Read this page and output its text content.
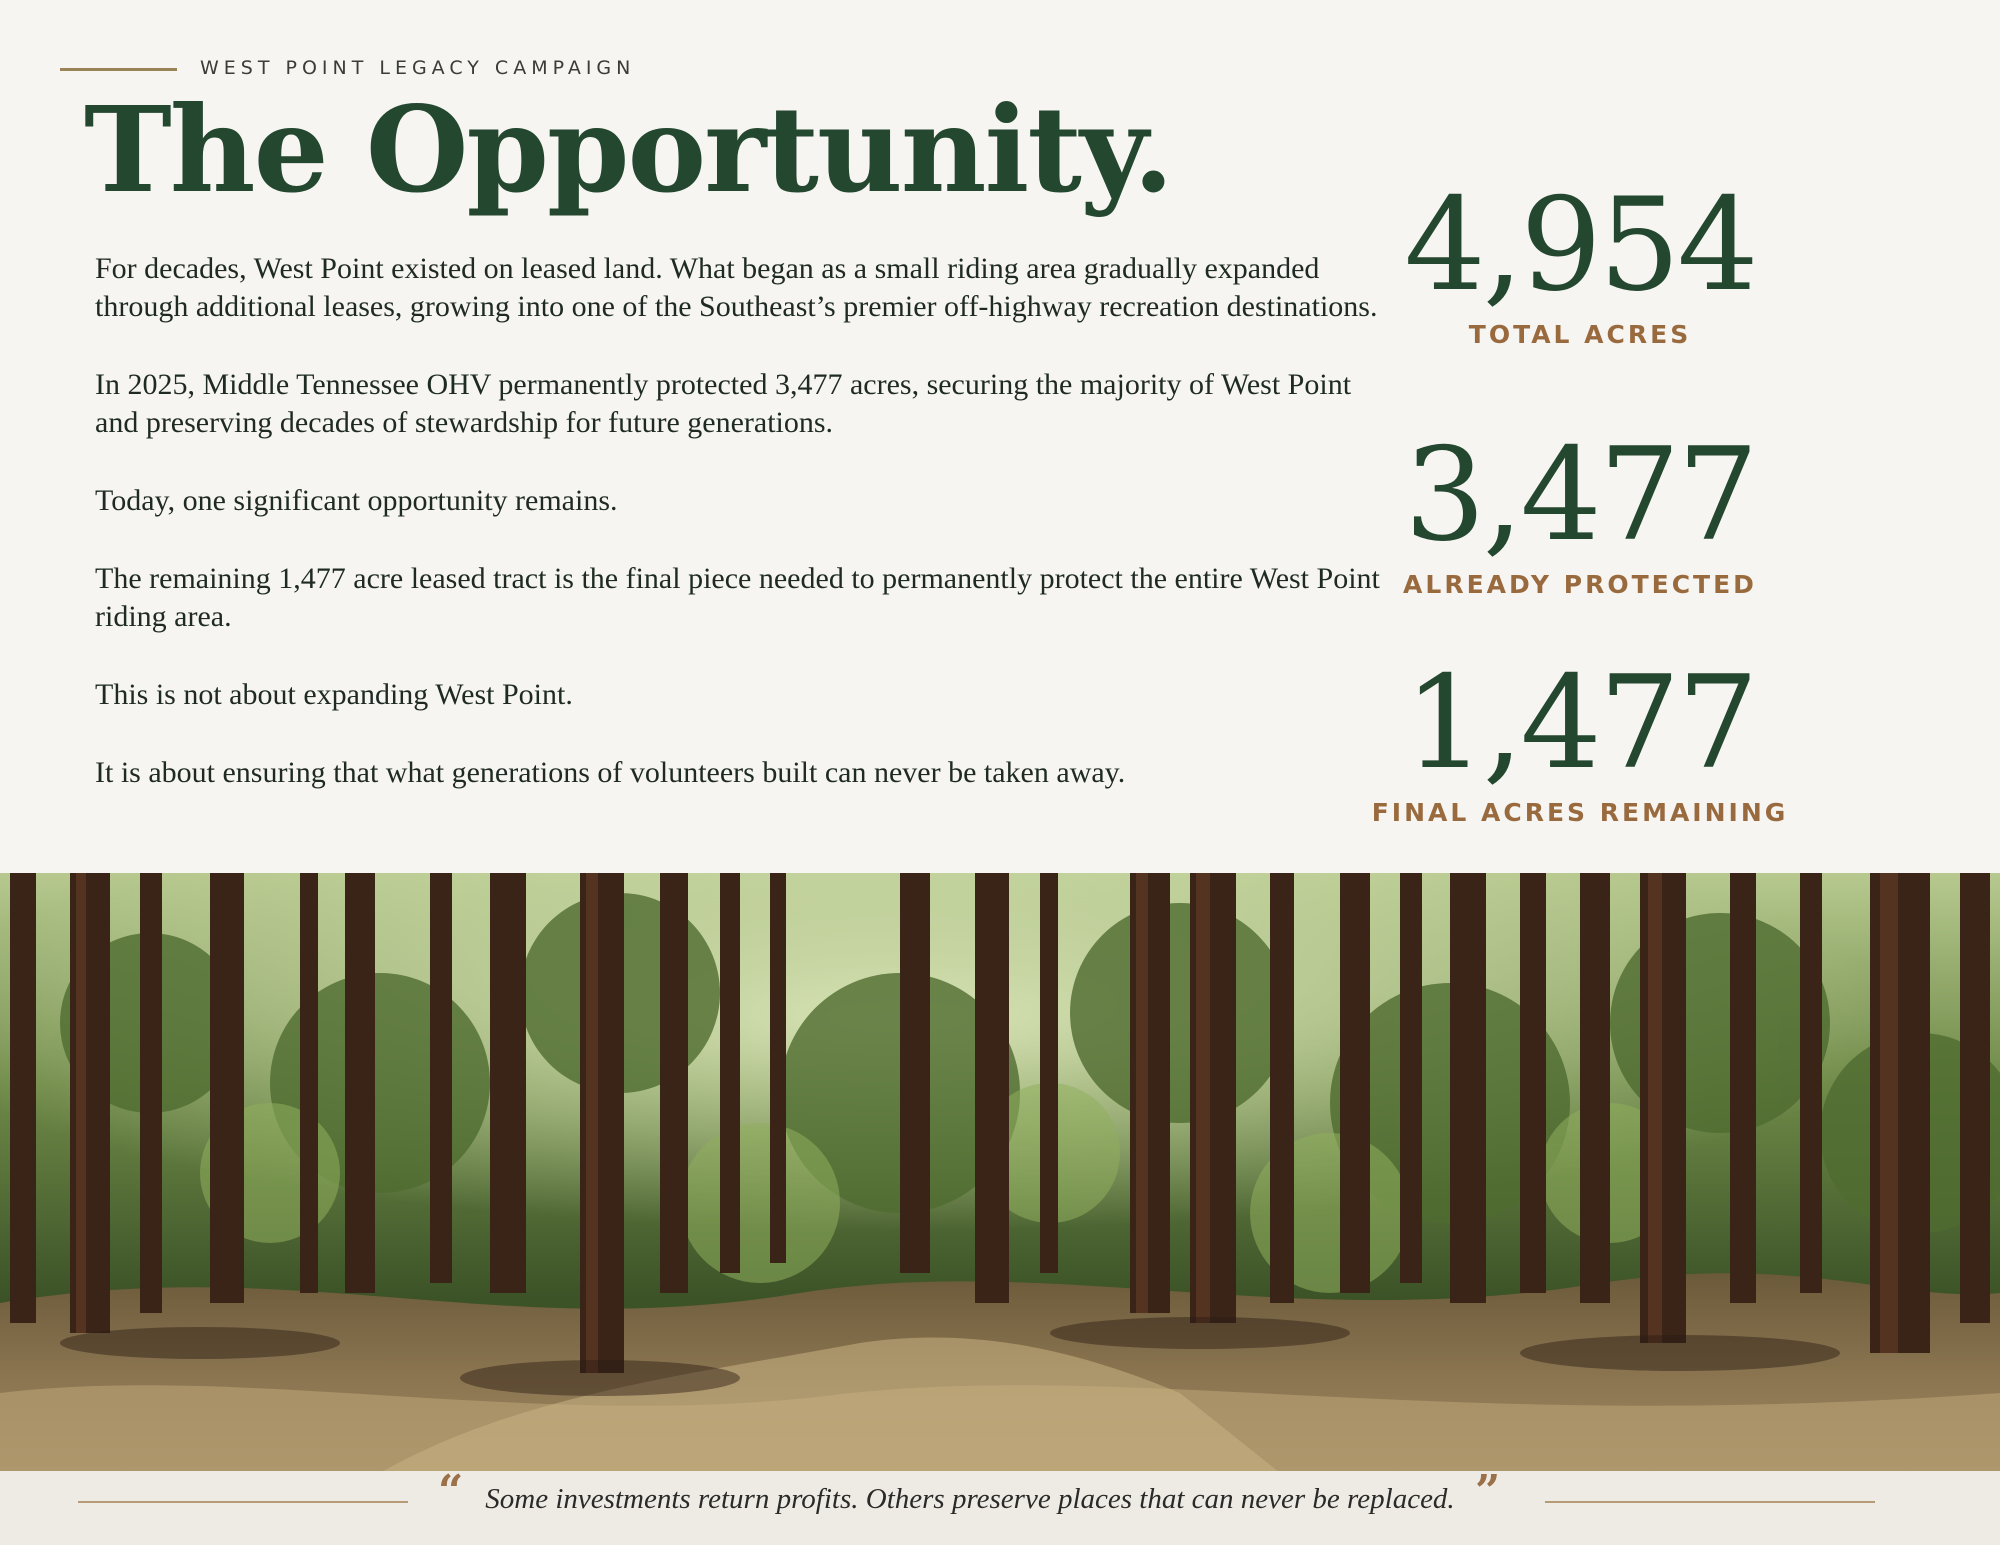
WEST POINT LEGACY CAMPAIGN
The Opportunity.

For decades, West Point existed on leased land. What began as a small riding area gradually expanded through additional leases, growing into one of the Southeast’s premier off-highway recreation destinations.

In 2025, Middle Tennessee OHV permanently protected 3,477 acres, securing the majority of West Point and preserving decades of stewardship for future generations.

Today, one significant opportunity remains.

The remaining 1,477 acre leased tract is the final piece needed to permanently protect the entire West Point riding area.

This is not about expanding West Point.

It is about ensuring that what generations of volunteers built can never be taken away.

4,954
TOTAL ACRES
3,477
ALREADY PROTECTED
1,477
FINAL ACRES REMAINING
“ Some investments return profits. Others preserve places that can never be replaced. ”
